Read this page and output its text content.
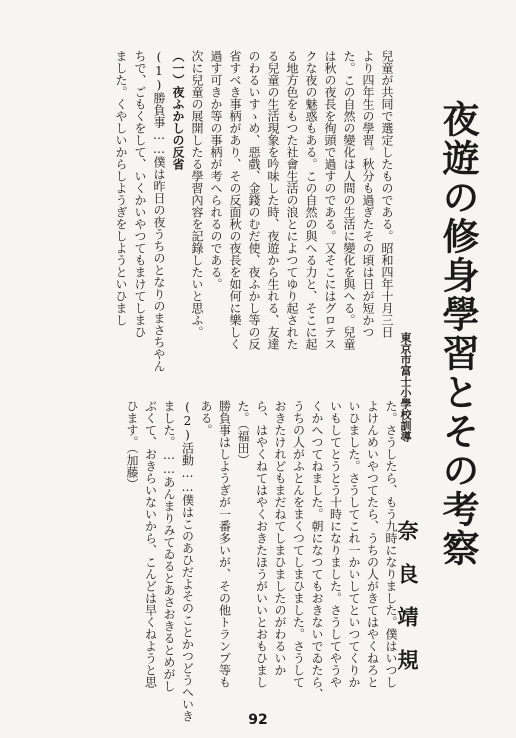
夜遊の修身學習とその考察
東京市富士小學校訓導
奈良靖規
兒童が共同で選定したものである。昭和四年十月三日
より四年生の學習。秋分も過ぎたその頃は日が短かつ
た。この自然の變化は人間の生活に變化を與へる。兒童
は秋の夜長を徇頭で過すのである。又そこにはグロテス
クな夜の魅惑もある。この自然の與へる力と、そこに起
る地方色をもつた社會生活の浪とによつてゆり起された
る兒童の生活現象を吟味した時、夜遊から生れる、友達
のわるいすゝめ、惡戲、金錢のむだ使、夜ふかし等の反
省すべき事柄があり、その反面秋の夜長を如何に樂しく
過す可きか等の事柄が考へられるのである。
次に兒童の展開したる學習內容を記錄したいと思ふ。
（一）夜ふかしの反省
(1)勝負事……僕は昨日の夜うちのとなりのまさちやん
ちで、ごもくをして、いくかいやつてもまけてしまひ
ました。くやしいからしようぎをしようといひまし
た。さうしたら、もう九時になりました。僕はいつし
よけんめいやつてたら、うちの人がきてはやくねろと
いひました。さうしてこれ一かいしてといつてくりか
いもしてとうとう十時になりました。さうしてやうや
くかへつてねました。朝になつてもおきないでゐたら、
うちの人がふとんをまくつてしまひました。さうして
おきたけれどもまだねてしまひましたのがわるいか
ら、はやくねてはやくおきたほうがいいとおもひまし
た。（福田）
勝負事はしようぎが一番多いが、その他トランプ等も
ある。
(2)活動……僕はこのあひだよそのことかつどうへいき
ました。……あんまりみてゐるとあさおきるとめがし
ぶくて、おきらいないから、こんどは早くねようと思
ひます。（加藤）
92
